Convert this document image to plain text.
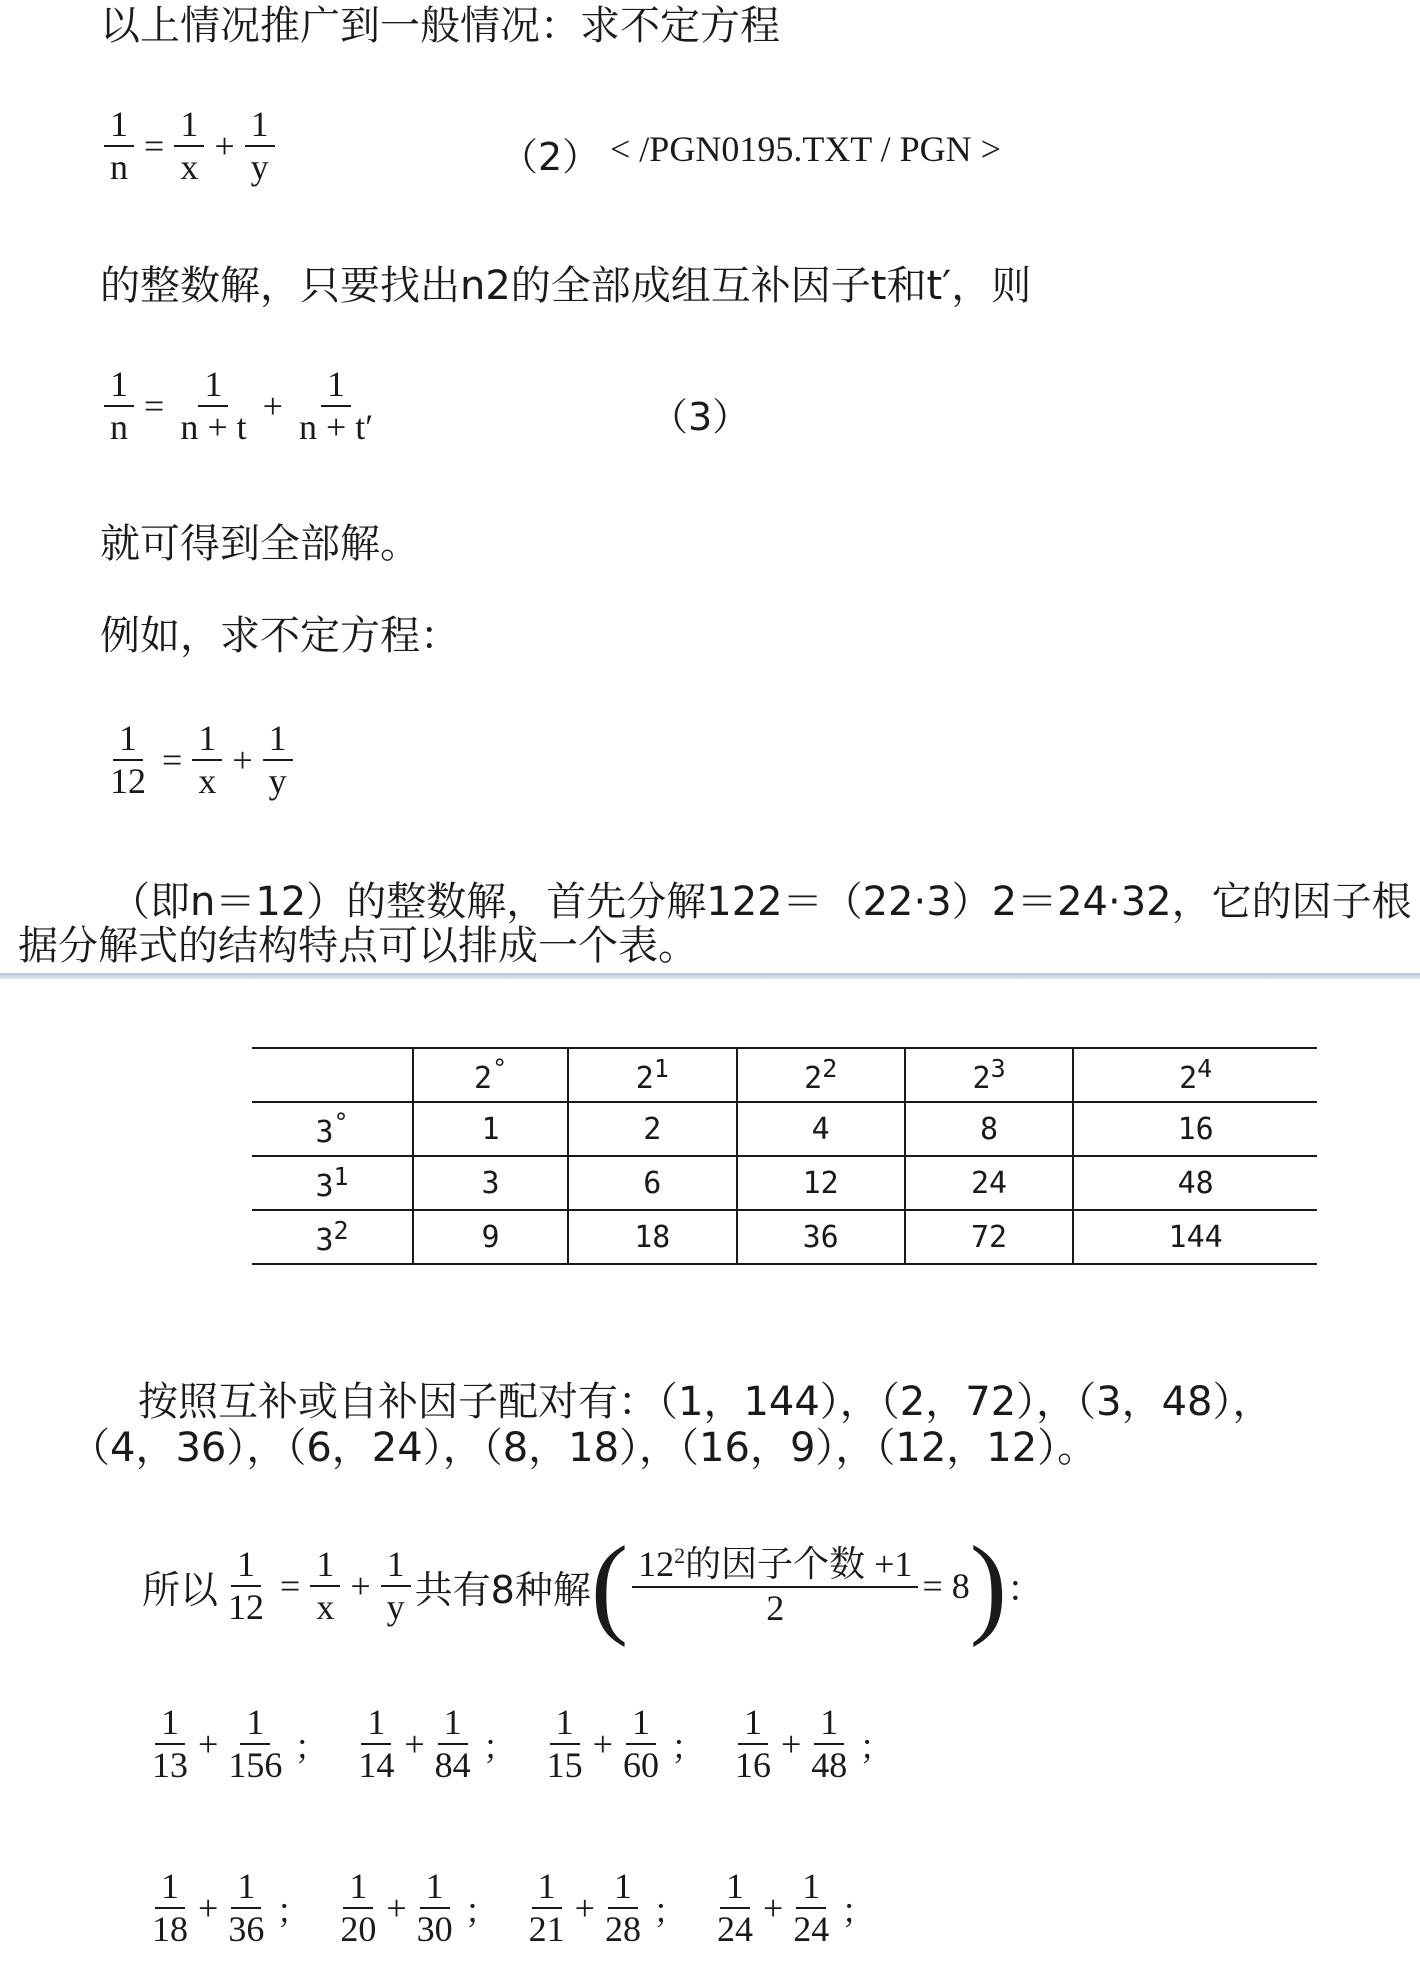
以上情况推广到一般情况：求不定方程

$\frac{1}{n} = \frac{1}{x} + \frac{1}{y}$	（2） < /PGN0195.TXT / PGN >

的整数解，只要找出n2的全部成组互补因子t和t′，则

$\frac{1}{n} = \frac{1}{n + t} + \frac{1}{n + t'}$	（3）

就可得到全部解。

例如，求不定方程：

$\frac{1}{12} = \frac{1}{x} + \frac{1}{y}$

（即n＝12）的整数解，首先分解122＝（22·3）2＝24·32，它的因子根

据分解式的结构特点可以排成一个表。

	2°	$2^1$	$2^2$	$2^3$	$2^4$
3°	1	2	4	8	16
$3^1$	3	6	12	24	48
$3^2$	9	18	36	72	144

按照互补或自补因子配对有：（1，144），（2，72），（3，48），

（4，36），（6，24），（8，18），（16，9），（12，12）。

所以 $\frac{1}{12} = \frac{1}{x} + \frac{1}{y}$ 共有8种解 ( $\frac{12^2的因子个数 +1}{2} = 8$ ) ：
$\frac{1}{13} + \frac{1}{156}$ ； $\frac{1}{14} + \frac{1}{84}$ ； $\frac{1}{15} + \frac{1}{60}$ ； $\frac{1}{16} + \frac{1}{48}$ ；
$\frac{1}{18} + \frac{1}{36}$ ； $\frac{1}{20} + \frac{1}{30}$ ； $\frac{1}{21} + \frac{1}{28}$ ； $\frac{1}{24} + \frac{1}{24}$ ；
